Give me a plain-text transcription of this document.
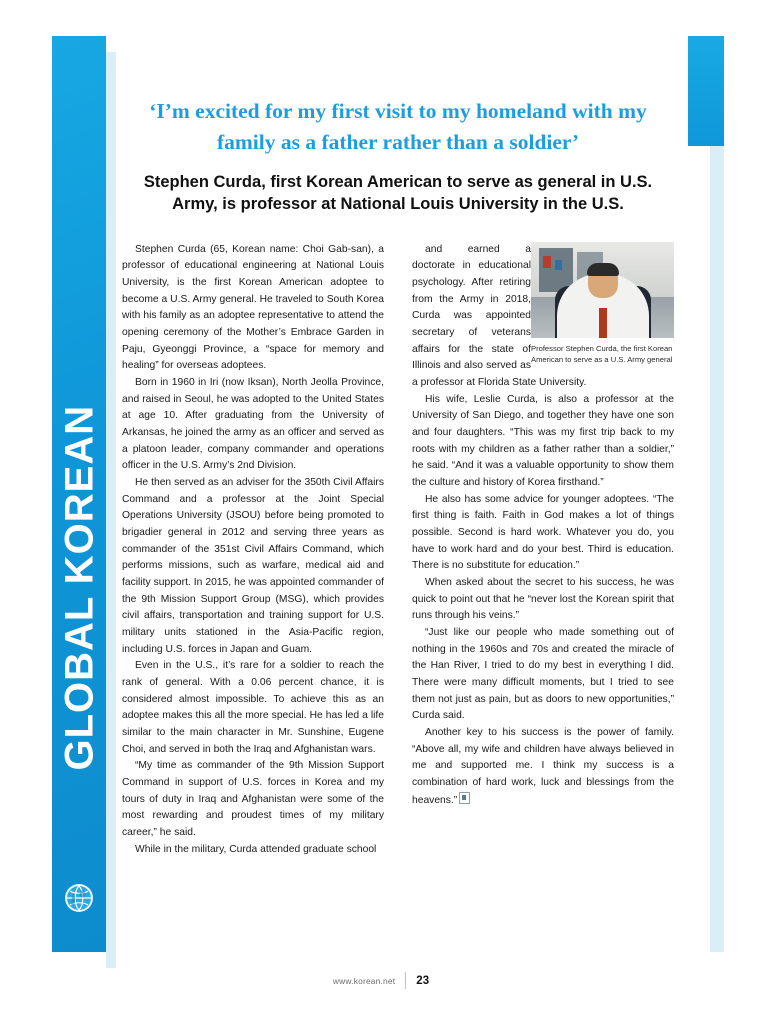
GLOBAL KOREAN
‘I’m excited for my first visit to my homeland with my family as a father rather than a soldier’
Stephen Curda, first Korean American to serve as general in U.S. Army, is professor at National Louis University in the U.S.

Stephen Curda (65, Korean name: Choi Gab-san), a professor of educational engineering at National Louis University, is the first Korean American adoptee to become a U.S. Army general. He traveled to South Korea with his family as an adoptee representative to attend the opening ceremony of the Mother’s Embrace Garden in Paju, Gyeonggi Province, a “space for memory and healing” for overseas adoptees.

Born in 1960 in Iri (now Iksan), North Jeolla Province, and raised in Seoul, he was adopted to the United States at age 10. After graduating from the University of Arkansas, he joined the army as an officer and served as a platoon leader, company commander and operations officer in the U.S. Army’s 2nd Division.

He then served as an adviser for the 350th Civil Affairs Command and a professor at the Joint Special Operations University (JSOU) before being promoted to brigadier general in 2012 and serving three years as commander of the 351st Civil Affairs Command, which performs missions, such as warfare, medical aid and facility support. In 2015, he was appointed commander of the 9th Mission Support Group (MSG), which provides civil affairs, transportation and training support for U.S. military units stationed in the Asia-Pacific region, including U.S. forces in Japan and Guam.

Even in the U.S., it’s rare for a soldier to reach the rank of general. With a 0.06 percent chance, it is considered almost impossible. To achieve this as an adoptee makes this all the more special. He has led a life similar to the main character in Mr. Sunshine, Eugene Choi, and served in both the Iraq and Afghanistan wars.

“My time as commander of the 9th Mission Support Command in support of U.S. forces in Korea and my tours of duty in Iraq and Afghanistan were some of the most rewarding and proudest times of my military career,” he said.

While in the military, Curda attended graduate school

Professor Stephen Curda, the first Korean American to serve as a U.S. Army general

and earned a doctorate in educational psychology. After retiring from the Army in 2018, Curda was appointed secretary of veterans affairs for the state of Illinois and also served as a professor at Florida State University.

His wife, Leslie Curda, is also a professor at the University of San Diego, and together they have one son and four daughters. “This was my first trip back to my roots with my children as a father rather than a soldier,” he said. “And it was a valuable opportunity to show them the culture and history of Korea firsthand.”

He also has some advice for younger adoptees. “The first thing is faith. Faith in God makes a lot of things possible. Second is hard work. Whatever you do, you have to work hard and do your best. Third is education. There is no substitute for education.”

When asked about the secret to his success, he was quick to point out that he “never lost the Korean spirit that runs through his veins.”

“Just like our people who made something out of nothing in the 1960s and 70s and created the miracle of the Han River, I tried to do my best in everything I did. There were many difficult moments, but I tried to see them not just as pain, but as doors to new opportunities,” Curda said.

Another key to his success is the power of family. “Above all, my wife and children have always believed in me and supported me. I think my success is a combination of hard work, luck and blessings from the heavens.”

www.korean.net 23
